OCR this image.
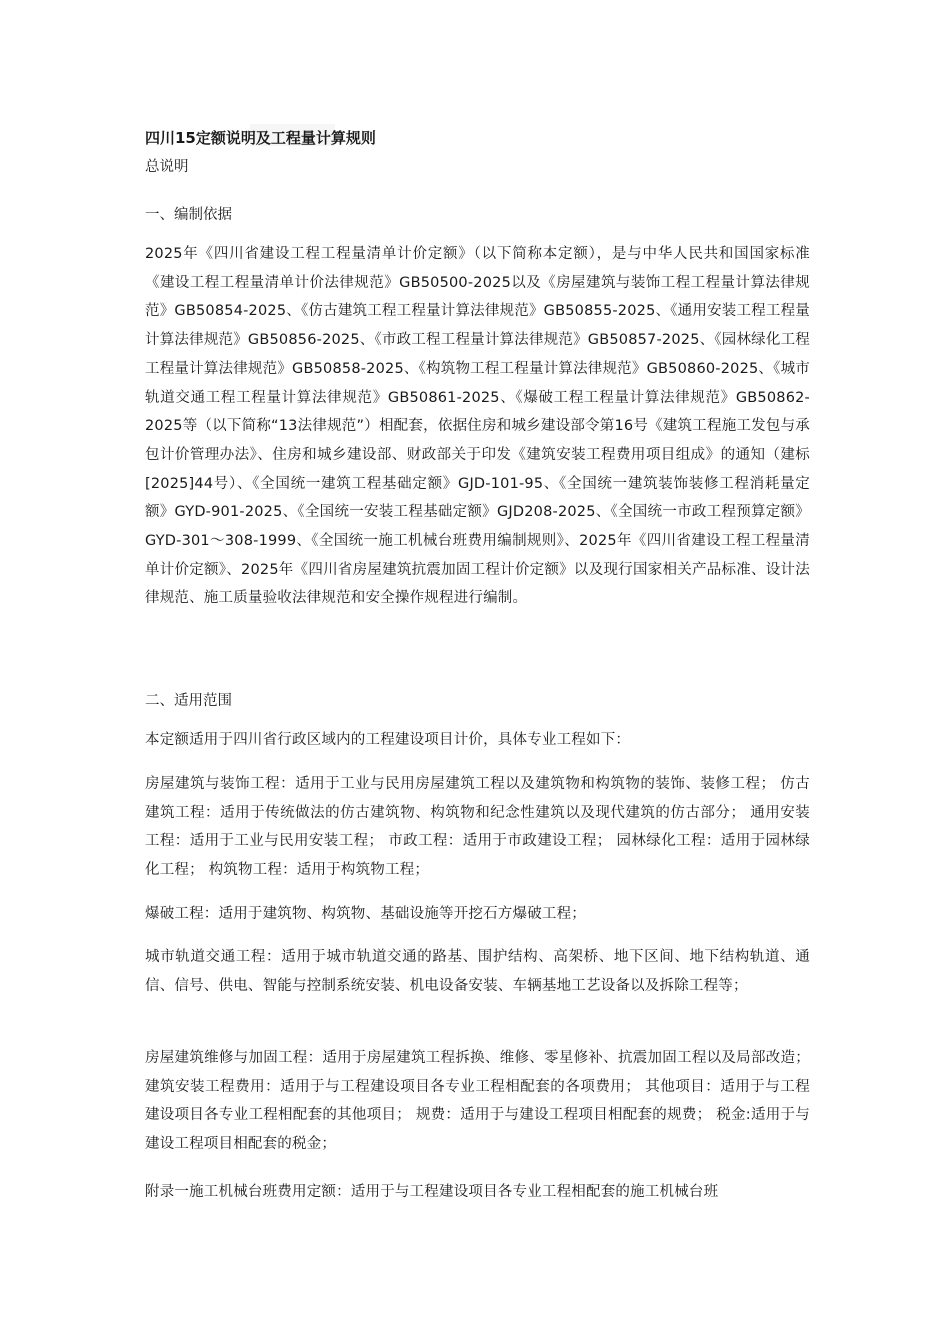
四川15定额说明及工程量计算规则
总说明
一、编制依据
2025年《四川省建设工程工程量清单计价定额》（以下简称本定额），是与中华人民共和国国家标准《建设工程工程量清单计价法律规范》GB50500-2025以及《房屋建筑与装饰工程工程量计算法律规范》GB50854-2025、《仿古建筑工程工程量计算法律规范》GB50855-2025、《通用安装工程工程量计算法律规范》GB50856-2025、《市政工程工程量计算法律规范》GB50857-2025、《园林绿化工程工程量计算法律规范》GB50858-2025、《构筑物工程工程量计算法律规范》GB50860-2025、《城市轨道交通工程工程量计算法律规范》GB50861-2025、《爆破工程工程量计算法律规范》GB50862-2025等（以下简称“13法律规范”）相配套，依据住房和城乡建设部令第16号《建筑工程施工发包与承包计价管理办法》、住房和城乡建设部、财政部关于印发《建筑安装工程费用项目组成》的通知（建标[2025]44号）、《全国统一建筑工程基础定额》GJD-101-95、《全国统一建筑装饰装修工程消耗量定额》GYD-901-2025、《全国统一安装工程基础定额》GJD208-2025、《全国统一市政工程预算定额》GYD-301～308-1999、《全国统一施工机械台班费用编制规则》、2025年《四川省建设工程工程量清单计价定额》、2025年《四川省房屋建筑抗震加固工程计价定额》以及现行国家相关产品标准、设计法律规范、施工质量验收法律规范和安全操作规程进行编制。
二、适用范围
本定额适用于四川省行政区域内的工程建设项目计价，具体专业工程如下：
房屋建筑与装饰工程：适用于工业与民用房屋建筑工程以及建筑物和构筑物的装饰、装修工程； 仿古建筑工程：适用于传统做法的仿古建筑物、构筑物和纪念性建筑以及现代建筑的仿古部分； 通用安装工程：适用于工业与民用安装工程； 市政工程：适用于市政建设工程； 园林绿化工程：适用于园林绿化工程； 构筑物工程：适用于构筑物工程；
爆破工程：适用于建筑物、构筑物、基础设施等开挖石方爆破工程；
城市轨道交通工程：适用于城市轨道交通的路基、围护结构、高架桥、地下区间、地下结构轨道、通信、信号、供电、智能与控制系统安装、机电设备安装、车辆基地工艺设备以及拆除工程等；
房屋建筑维修与加固工程：适用于房屋建筑工程拆换、维修、零星修补、抗震加固工程以及局部改造； 建筑安装工程费用：适用于与工程建设项目各专业工程相配套的各项费用； 其他项目：适用于与工程建设项目各专业工程相配套的其他项目； 规费：适用于与建设工程项目相配套的规费； 税金:适用于与建设工程项目相配套的税金；
附录一施工机械台班费用定额：适用于与工程建设项目各专业工程相配套的施工机械台班
